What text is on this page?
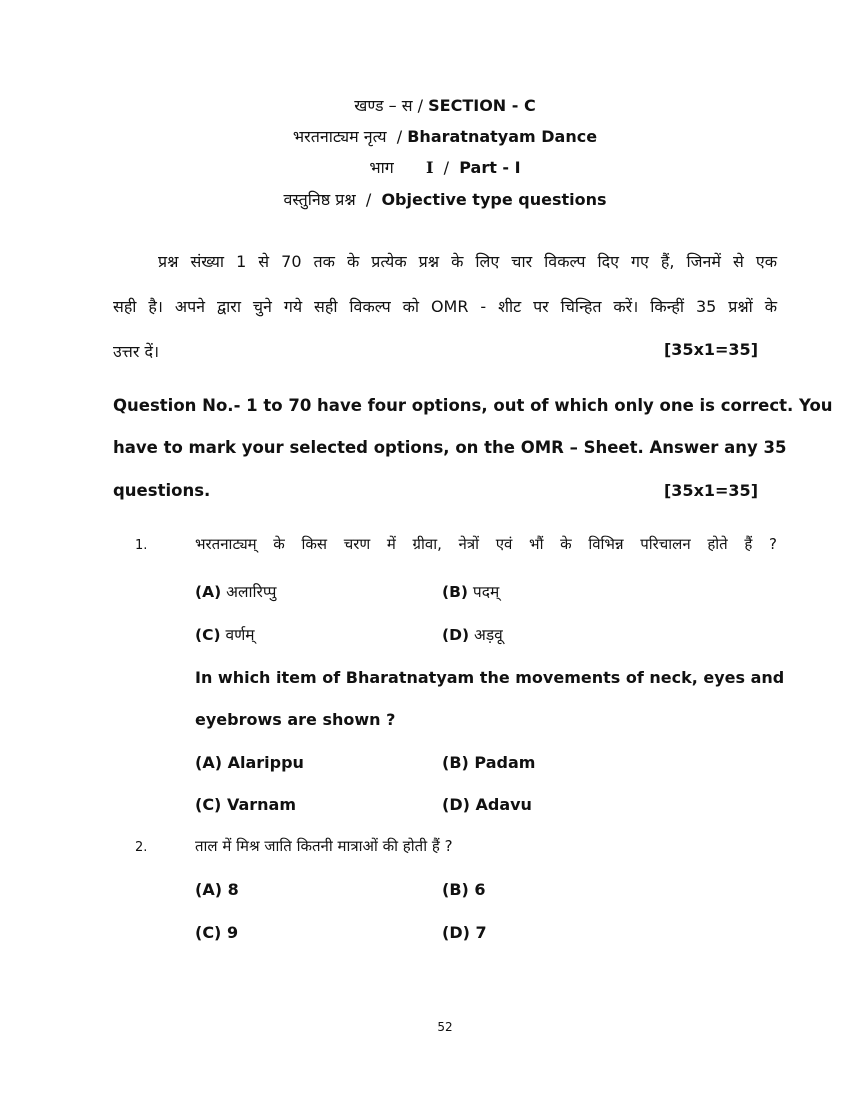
खण्ड – स / SECTION - C
भरतनाट्यम नृत्य  / Bharatnatyam Dance
भाग I  /  Part - I
वस्तुनिष्ठ प्रश्न  /  Objective type questions
प्रश्न संख्या 1 से 70 तक के प्रत्येक प्रश्न के लिए चार विकल्प दिए गए हैं, जिनमें से एक
सही है। अपने द्वारा चुने गये सही विकल्प को OMR - शीट पर चिन्हित करें। किन्हीं 35 प्रश्नों के
उत्तर दें।	[35x1=35]
Question No.- 1 to 70 have four options, out of which only one is correct. You
have to mark your selected options, on the OMR – Sheet. Answer any 35
questions.	[35x1=35]
1.	भरतनाट्यम् के किस चरण में ग्रीवा, नेत्रों एवं भौं के विभिन्न परिचालन होते हैं ?
(A) अलारिप्पु	(B) पदम्
(C) वर्णम्	(D) अड़वू
In which item of Bharatnatyam the movements of neck, eyes and
eyebrows are shown ?
(A) Alarippu	(B) Padam
(C) Varnam	(D) Adavu
2.	ताल में मिश्र जाति कितनी मात्राओं की होती हैं ?
(A) 8	(B) 6
(C) 9	(D) 7
52
